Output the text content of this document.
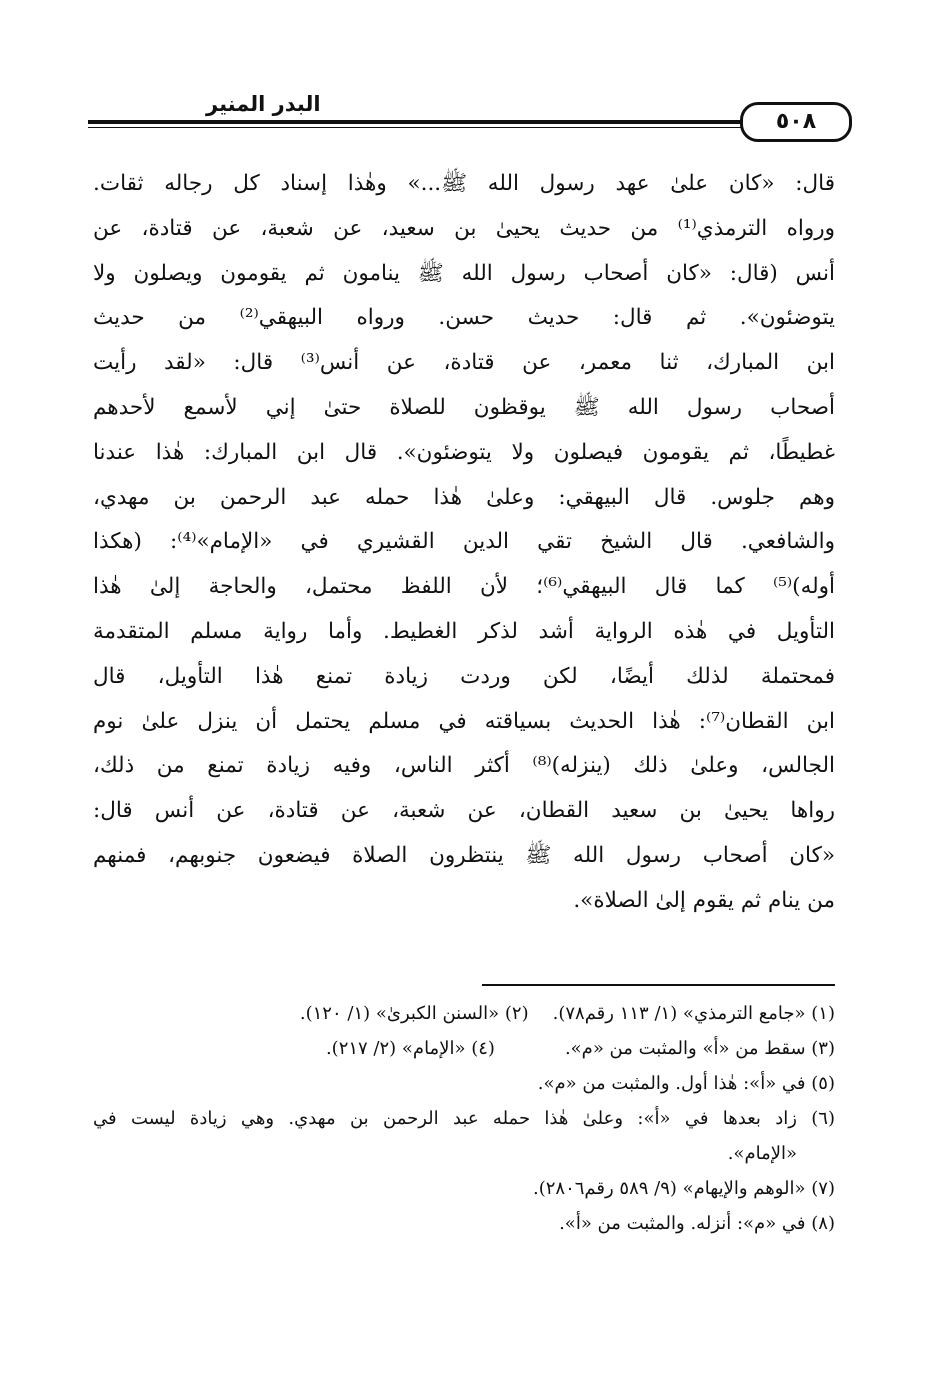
البدر المنير
٥٠٨
قال: «كان علىٰ عهد رسول الله ﷺ...» وهٰذا إسناد كل رجاله ثقات.
ورواه الترمذي⁽¹⁾ من حديث يحيىٰ بن سعيد، عن شعبة، عن قتادة، عن
أنس (قال: «كان أصحاب رسول الله ﷺ ينامون ثم يقومون ويصلون ولا
يتوضئون». ثم قال: حديث حسن. ورواه البيهقي⁽²⁾ من حديث
ابن المبارك، ثنا معمر، عن قتادة، عن أنس⁽³⁾ قال: «لقد رأيت
أصحاب رسول الله ﷺ يوقظون للصلاة حتىٰ إني لأسمع لأحدهم
غطيطًا، ثم يقومون فيصلون ولا يتوضئون». قال ابن المبارك: هٰذا عندنا
وهم جلوس. قال البيهقي: وعلىٰ هٰذا حمله عبد الرحمن بن مهدي،
والشافعي. قال الشيخ تقي الدين القشيري في «الإمام»⁽⁴⁾: (هكذا
أوله)⁽⁵⁾ كما قال البيهقي⁽⁶⁾؛ لأن اللفظ محتمل، والحاجة إلىٰ هٰذا
التأويل في هٰذه الرواية أشد لذكر الغطيط. وأما رواية مسلم المتقدمة
فمحتملة لذلك أيضًا، لكن وردت زيادة تمنع هٰذا التأويل، قال
ابن القطان⁽⁷⁾: هٰذا الحديث بسياقته في مسلم يحتمل أن ينزل علىٰ نوم
الجالس، وعلىٰ ذلك (ينزله)⁽⁸⁾ أكثر الناس، وفيه زيادة تمنع من ذلك،
رواها يحيىٰ بن سعيد القطان، عن شعبة، عن قتادة، عن أنس قال:
«كان أصحاب رسول الله ﷺ ينتظرون الصلاة فيضعون جنوبهم، فمنهم
من ينام ثم يقوم إلىٰ الصلاة».
(١) «جامع الترمذي» (١/ ١١٣ رقم٧٨).(٢) «السنن الكبرىٰ» (١/ ١٢٠).
(٣) سقط من «أ» والمثبت من «م».(٤) «الإمام» (٢/ ٢١٧).
(٥) في «أ»: هٰذا أول. والمثبت من «م».
(٦) زاد بعدها في «أ»: وعلىٰ هٰذا حمله عبد الرحمن بن مهدي. وهي زيادة ليست في
«الإمام».
(٧) «الوهم والإيهام» (٩/ ٥٨٩ رقم٢٨٠٦).
(٨) في «م»: أنزله. والمثبت من «أ».
